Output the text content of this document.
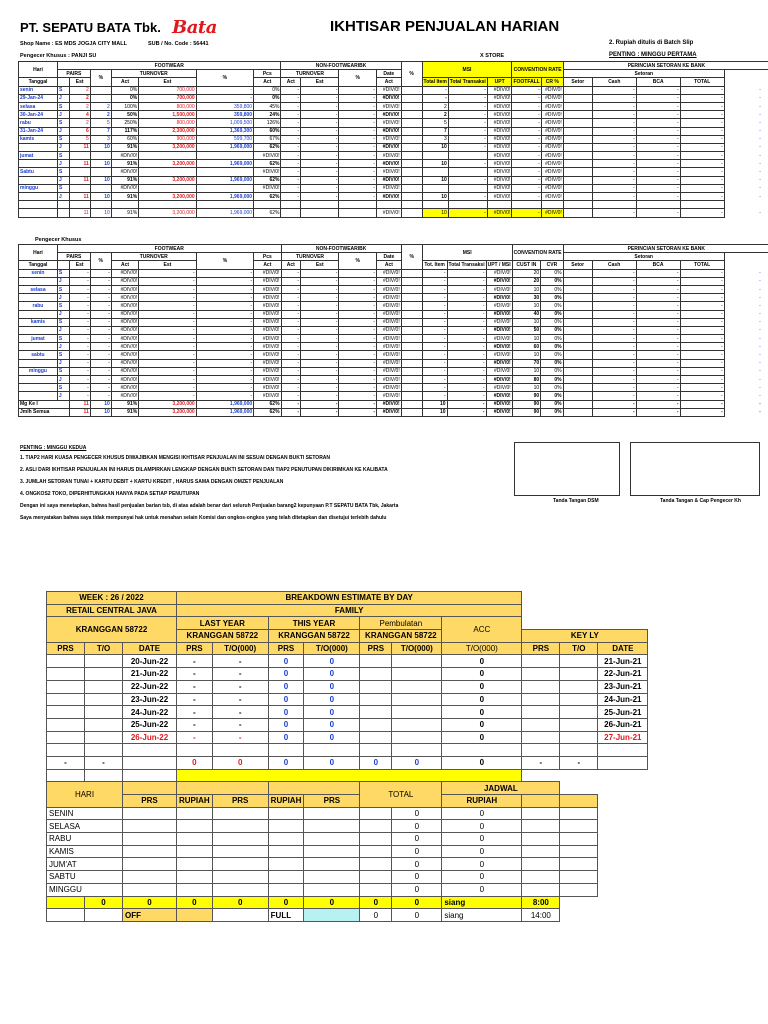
PT. SEPATU BATA Tbk. Bata	IKHTISAR PENJUALAN HARIAN
Shop Name : ES MDS JOGJA CITY MALL	SUB / No. Code : 56441
Pengecer Khusus : PANJI SU	X STORE
2. Rupiah ditulis di Batch Slip
PENTING : MINGGU PERTAMA
Hari	FOOTWEAR							NON-FOOTWEARIBK				%	MSI			CONVENTION RATE		PERINCIAN SETORAN KE BANK				
	PAIRS		%	TURNOVER		%	Pcs	TURNOVER		%	Date							Setoran				
Tanggal		Est		Act	Est		Act	Act	Est		Act		Total Item	Total Transaksi	UPT	FOOTFALL	CR %	Setor	Cash	BCA	TOTAL	
senin	S	2		0%	700,000	-	0%	-	-	-	#DIV/0!		-	-	#DIV/0!	-	#DIV/0!		-	-	-	-
29-Jan-24	J	2		0%	700,000	-	0%	-	-	-	#DIV/0!		-	-	#DIV/0!	-	#DIV/0!		-	-	-	-
selasa	S	2	2	100%	800,000	359,800	45%	-	-	-	#DIV/0!		2	-	#DIV/0!	-	#DIV/0!		-	-	-	-
30-Jan-24	J	4	2	50%	1,500,000	359,800	24%	-	-	-	#DIV/0!		2	-	#DIV/0!	-	#DIV/0!		-	-	-	-
rabu	S	2	5	250%	800,000	1,009,500	126%	-	-	-	#DIV/0!		5	-	#DIV/0!	-	#DIV/0!		-	-	-	-
31-Jan-24	J	6	7	117%	2,300,000	1,369,300	60%	-	-	-	#DIV/0!		7	-	#DIV/0!	-	#DIV/0!		-	-	-	-
kamis	S	5	3	60%	900,000	599,700	67%	-	-	-	#DIV/0!		3	-	#DIV/0!	-	#DIV/0!		-	-	-	-
	J	11	10	91%	3,200,000	1,969,000	62%	-	-	-	#DIV/0!		10	-	#DIV/0!	-	#DIV/0!		-	-	-	-
jumat	S			#DIV/0!			#DIV/0!	-	-	-	#DIV/0!				#DIV/0!	-	#DIV/0!		-	-	-	-
	J	11	10	91%	3,200,000	1,969,000	62%	-	-	-	#DIV/0!		10	-	#DIV/0!	-	#DIV/0!		-	-	-	-
Sabtu	S			#DIV/0!			#DIV/0!	-	-	-	#DIV/0!				#DIV/0!	-	#DIV/0!		-	-	-	-
	J	11	10	91%	3,200,000	1,969,000	62%	-	-	-	#DIV/0!		10	-	#DIV/0!	-	#DIV/0!		-	-	-	-
minggu	S			#DIV/0!			#DIV/0!	-	-	-	#DIV/0!				#DIV/0!	-	#DIV/0!		-	-	-	-
	J	11	10	91%	3,200,000	1,969,000	62%	-	-	-	#DIV/0!		10	-	#DIV/0!	-	#DIV/0!		-	-	-	-

		11	10	91%	3,200,000	1,969,000	62%				#DIV/0!		10	-	#DIV/0!	-	#DIV/0!		-	-	-	-
Pengecer Khusus
Hari	FOOTWEAR							NON-FOOTWEARIBK				%	MSI			CONVENTION RATE		PERINCIAN SETORAN KE BANK				
	PAIRS		%	TURNOVER		%	Pcs	TURNOVER		%	Date							Setoran				
Tanggal		Est		Act	Est		Act	Act	Est		Act		Tot. Item	Total Transaksi	UPT / MSI	CUST IN	CVR	Setor	Cash	BCA	TOTAL	
senin	S	-	-	#DIV/0!	-	-	#DIV/0!	-	-	-	#DIV/0!		-	-	#DIV/0!	20	0%		-	-	-	-
	J	-	-	#DIV/0!	-	-	#DIV/0!	-	-	-	#DIV/0!		-	-	#DIV/0!	20	0%		-	-	-	-
selasa	S	-	-	#DIV/0!	-	-	#DIV/0!	-	-	-	#DIV/0!		-	-	#DIV/0!	10	0%		-	-	-	-
	J	-	-	#DIV/0!	-	-	#DIV/0!	-	-	-	#DIV/0!		-	-	#DIV/0!	30	0%		-	-	-	-
rabu	S	-	-	#DIV/0!	-	-	#DIV/0!	-	-	-	#DIV/0!		-	-	#DIV/0!	10	0%		-	-	-	-
	J	-	-	#DIV/0!	-	-	#DIV/0!	-	-	-	#DIV/0!		-	-	#DIV/0!	40	0%		-	-	-	-
kamis	S	-	-	#DIV/0!	-	-	#DIV/0!	-	-	-	#DIV/0!		-	-	#DIV/0!	10	0%		-	-	-	-
	J	-	-	#DIV/0!	-	-	#DIV/0!	-	-	-	#DIV/0!		-	-	#DIV/0!	50	0%		-	-	-	-
jumat	S	-	-	#DIV/0!	-	-	#DIV/0!	-	-	-	#DIV/0!		-	-	#DIV/0!	10	0%		-	-	-	-
	J	-	-	#DIV/0!	-	-	#DIV/0!	-	-	-	#DIV/0!		-	-	#DIV/0!	60	0%		-	-	-	-
sabtu	S	-	-	#DIV/0!	-	-	#DIV/0!	-	-	-	#DIV/0!		-	-	#DIV/0!	10	0%		-	-	-	-
	J	-	-	#DIV/0!	-	-	#DIV/0!	-	-	-	#DIV/0!		-	-	#DIV/0!	70	0%		-	-	-	-
minggu	S	-	-	#DIV/0!	-	-	#DIV/0!	-	-	-	#DIV/0!		-	-	#DIV/0!	10	0%		-	-	-	-
	J	-	-	#DIV/0!	-	-	#DIV/0!	-	-	-	#DIV/0!		-	-	#DIV/0!	80	0%		-	-	-	-
	S	-	-	#DIV/0!	-	-	#DIV/0!	-	-	-	#DIV/0!		-	-	#DIV/0!	10	0%		-	-	-	-
	J	-	-	#DIV/0!	-	-	#DIV/0!	-	-	-	#DIV/0!		-	-	#DIV/0!	90	0%		-	-	-	-
Mg Ke I		11	10	91%	3,200,000	1,969,000	62%	-	-	-	#DIV/0!		10	-	#DIV/0!	90	0%		-	-	-	-
Jmlh Semua		11	10	91%	3,200,000	1,969,000	62%	-	-	-	#DIV/0!		10	-	#DIV/0!	90	0%		-	-	-	-
PENTING : MINGGU KEDUA
1. TIAP2 HARI KUASA PENGECER KHUSUS DIWAJIBKAN MENGISI IKHTISAR PENJUALAN INI SESUAI DENGAN BUKTI SETORAN
2. ASLI DARI IKHTISAR PENJUALAN INI HARUS DILAMPIRKAN LENGKAP DENGAN BUKTI SETORAN DAN TIAP2 PENUTUPAN DIKIRIMKAN KE KALIBATA
3. JUMLAH SETORAN TUNAI + KARTU DEBIT + KARTU KREDIT , HARUS SAMA DENGAN OMZET PENJUALAN
4. ONGKOS2 TOKO, DIPERHITUNGKAN HANYA PADA SETIAP PENUTUPAN
Dengan ini saya menetapkan, bahwa hasil penjualan barian tsb, di atas adalah benar dari seluruh Penjualan barang2 kepunyaan P.T SEPATU BATA Tbk, Jakarta
Saya menyatakan bahwa saya tidak mempunyai hak untuk menahan selain Komisi dan ongkos-ongkos yang telah ditetapkan dan disetujui terlebih dahulu
Tanda Tangan DSM	Tanda Tangan & Cap Pengecer Kh
WEEK : 26 / 2022			BREAKDOWN ESTIMATE BY DAY									
RETAIL CENTRAL JAVA			FAMILY									
KRANGGAN 58722			LAST YEAR		THIS YEAR		Pembulatan		ACC			
			KRANGGAN 58722		KRANGGAN 58722		KRANGGAN 58722			KEY LY		
PRS	T/O	DATE	PRS	T/O(000)	PRS	T/O(000)	PRS	T/O(000)	T/O(000)	PRS	T/O	DATE
		20-Jun-22	-	-	0	0			0			21-Jun-21
		21-Jun-22	-	-	0	0			0			22-Jun-21
		22-Jun-22	-	-	0	0			0			23-Jun-21
		23-Jun-22	-	-	0	0			0			24-Jun-21
		24-Jun-22	-	-	0	0			0			25-Jun-21
		25-Jun-22	-	-	0	0			0			26-Jun-21
		26-Jun-22	-	-	0	0			0			27-Jun-21

-	-		0	0	0	0	0	0	0	-	-	

HARI							TOTAL		JADWAL			
		PRS	RUPIAH	PRS	RUPIAH	PRS			RUPIAH			
SENIN								0	0			
SELASA								0	0			
RABU								0	0			
KAMIS								0	0			
JUM'AT								0	0			
SABTU								0	0			
MINGGU								0	0			
	0	0	0	0	0	0	0	0	siang	8:00		
		OFF			FULL		0	0	siang	14:00		
